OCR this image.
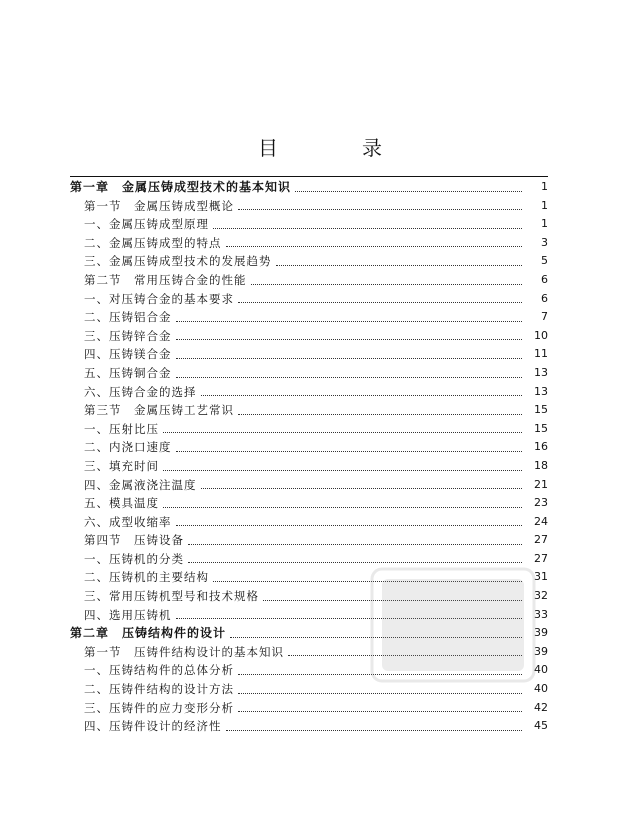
目　录
第一章　金属压铸成型技术的基本知识	1
第一节　金属压铸成型概论	1
一、金属压铸成型原理	1
二、金属压铸成型的特点	3
三、金属压铸成型技术的发展趋势	5
第二节　常用压铸合金的性能	6
一、对压铸合金的基本要求	6
二、压铸铝合金	7
三、压铸锌合金	10
四、压铸镁合金	11
五、压铸铜合金	13
六、压铸合金的选择	13
第三节　金属压铸工艺常识	15
一、压射比压	15
二、内浇口速度	16
三、填充时间	18
四、金属液浇注温度	21
五、模具温度	23
六、成型收缩率	24
第四节　压铸设备	27
一、压铸机的分类	27
二、压铸机的主要结构	31
三、常用压铸机型号和技术规格	32
四、选用压铸机	33
第二章　压铸结构件的设计	39
第一节　压铸件结构设计的基本知识	39
一、压铸结构件的总体分析	40
二、压铸件结构的设计方法	40
三、压铸件的应力变形分析	42
四、压铸件设计的经济性	45
